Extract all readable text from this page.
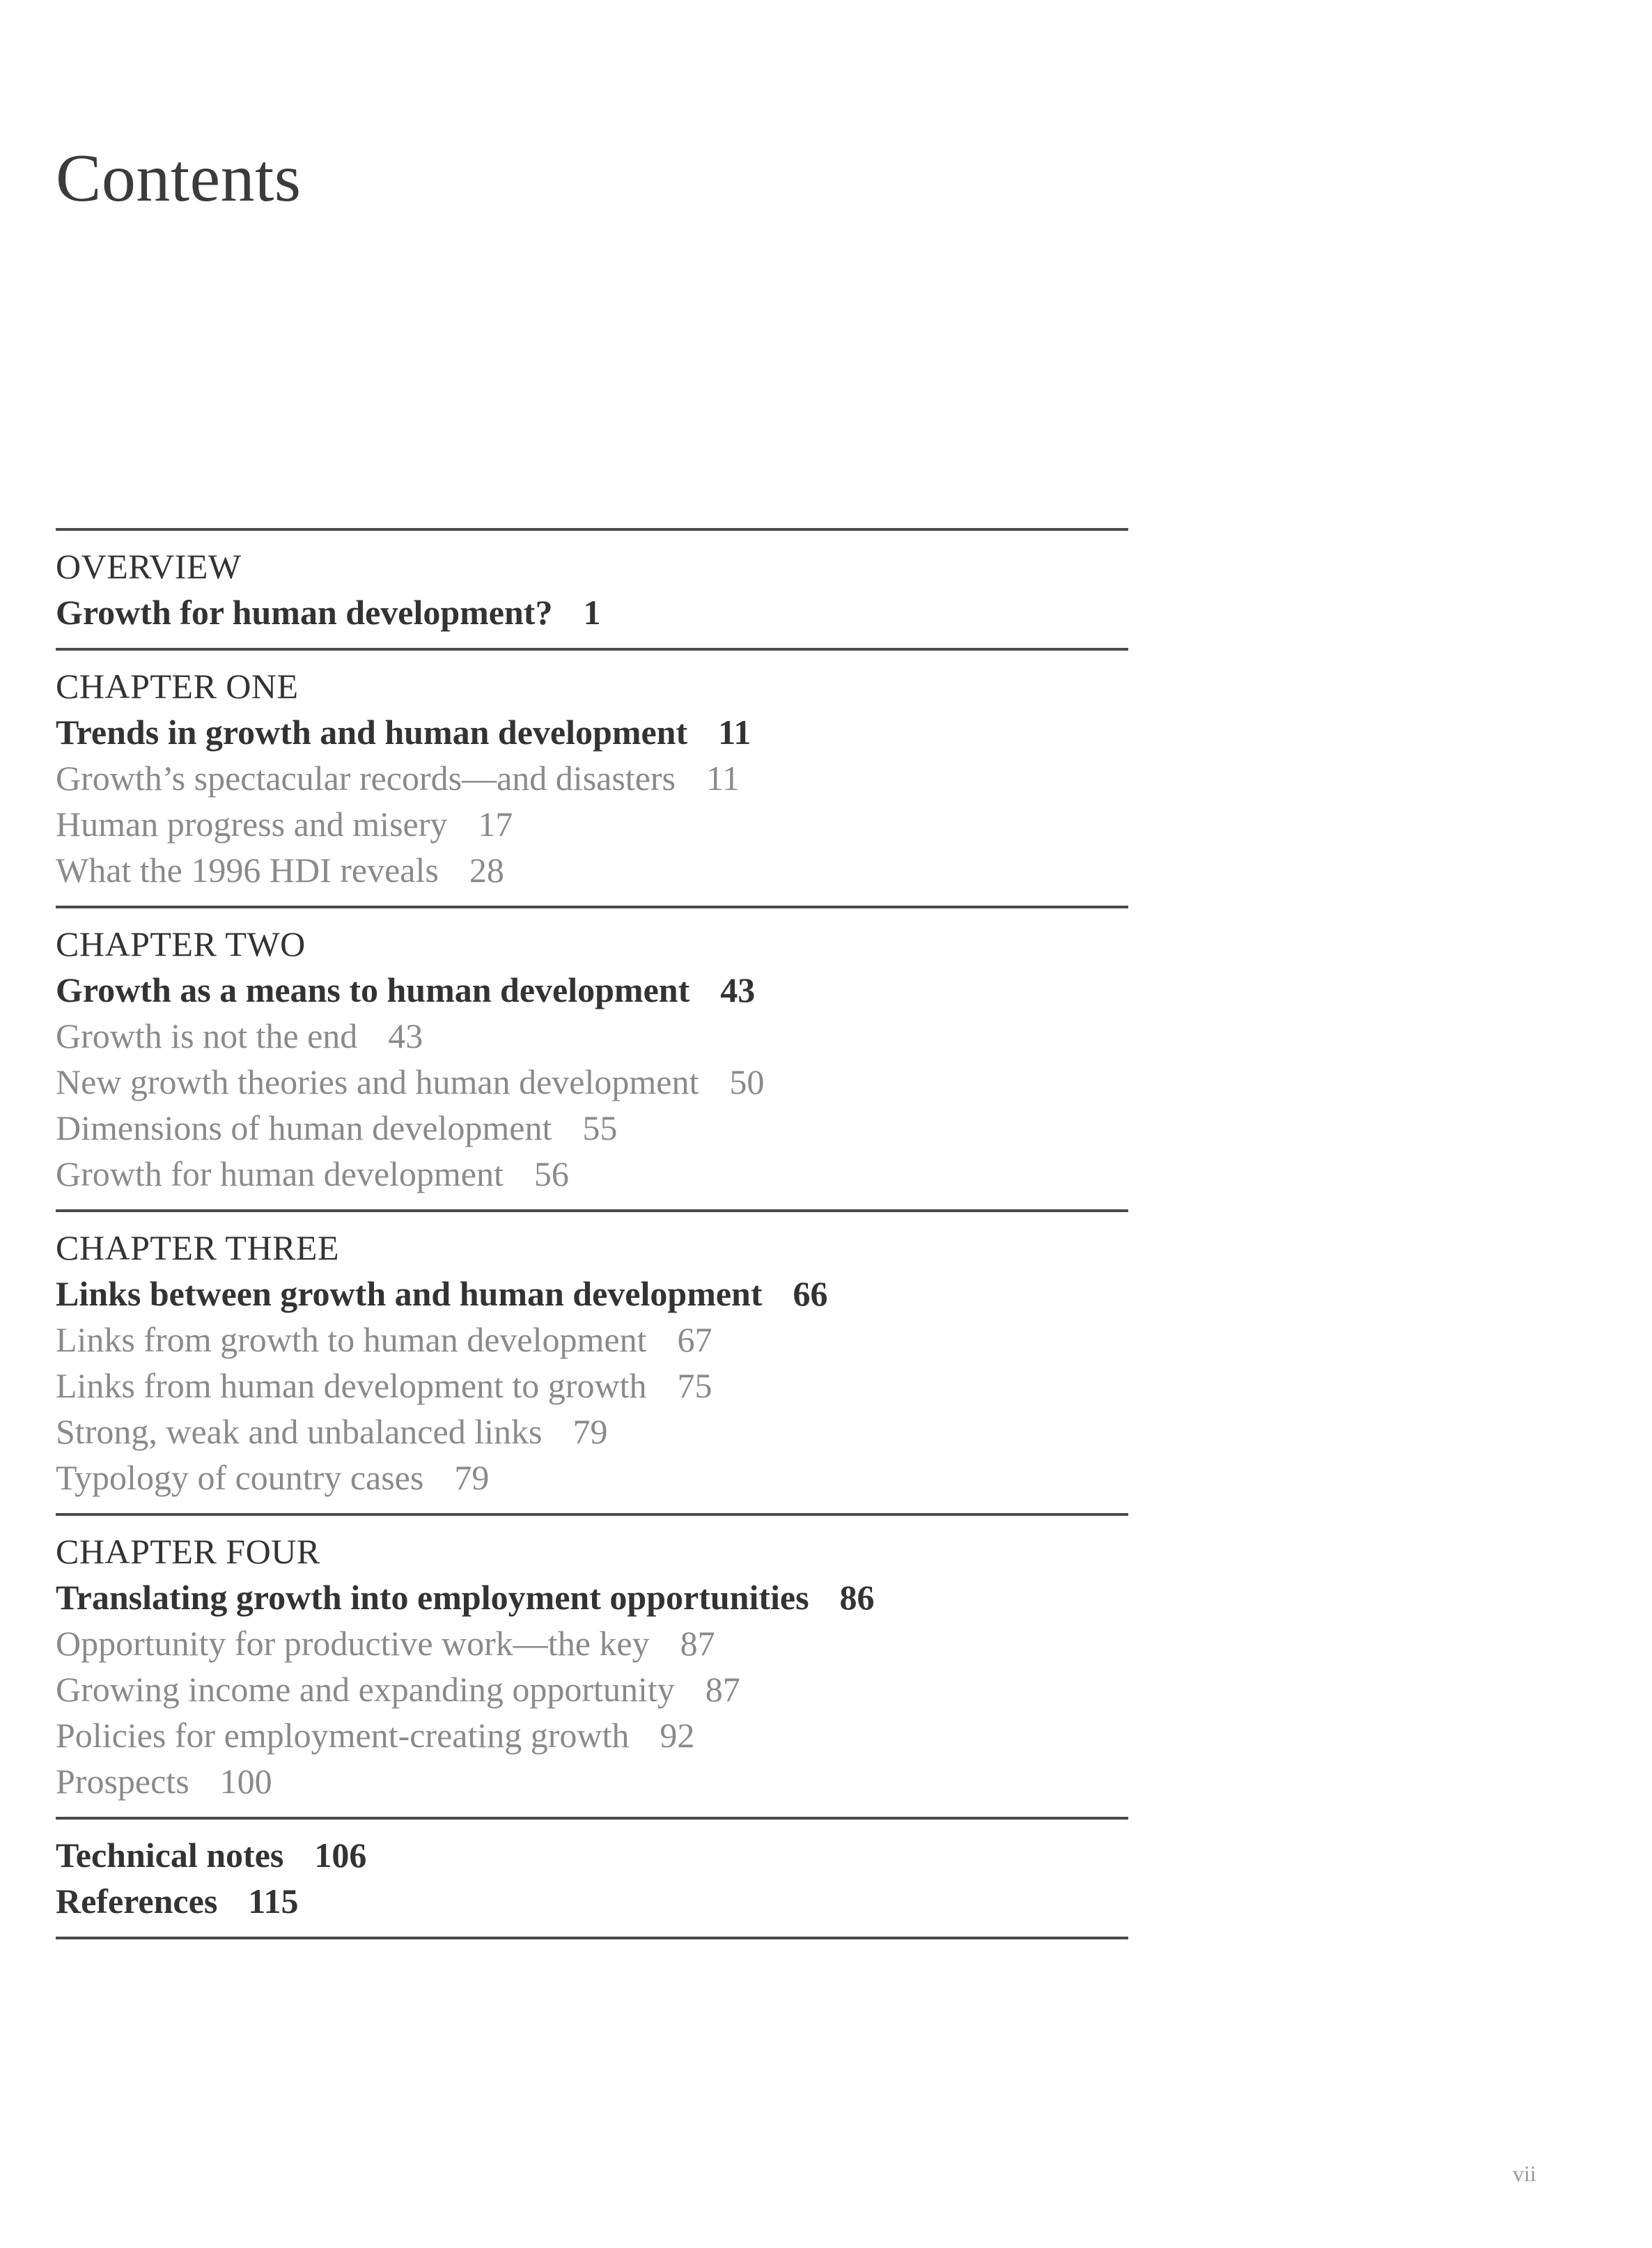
Contents
OVERVIEW
Growth for human development? 1
CHAPTER ONE
Trends in growth and human development 11
Growth’s spectacular records—and disasters 11
Human progress and misery 17
What the 1996 HDI reveals 28
CHAPTER TWO
Growth as a means to human development 43
Growth is not the end 43
New growth theories and human development 50
Dimensions of human development 55
Growth for human development 56
CHAPTER THREE
Links between growth and human development 66
Links from growth to human development 67
Links from human development to growth 75
Strong, weak and unbalanced links 79
Typology of country cases 79
CHAPTER FOUR
Translating growth into employment opportunities 86
Opportunity for productive work—the key 87
Growing income and expanding opportunity 87
Policies for employment-creating growth 92
Prospects 100
Technical notes 106
References 115
vii
